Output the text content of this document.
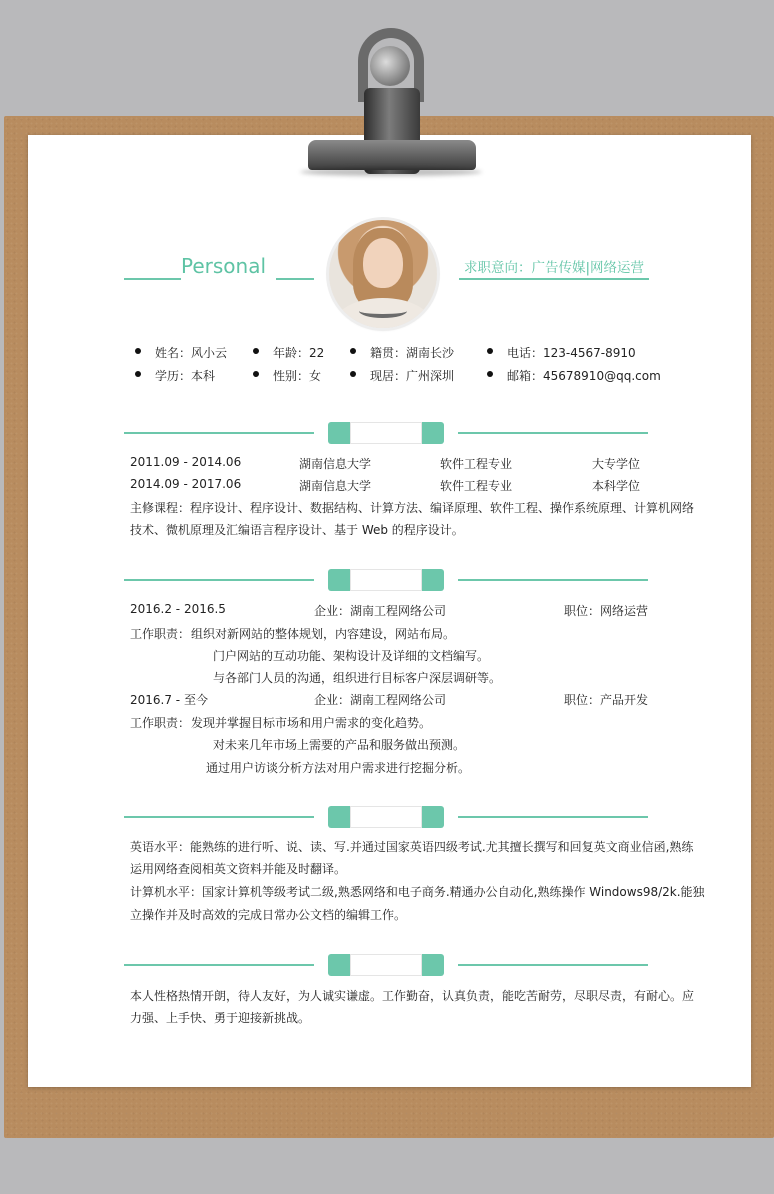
Personal	求职意向：广告传媒|网络运营
姓名：风小云	年龄：22	籍贯：湖南长沙	电话：123-4567-8910
学历：本科	性别：女	现居：广州深圳	邮箱：45678910@qq.com
2011.09 - 2014.06	湖南信息大学	软件工程专业	大专学位
2014.09 - 2017.06	湖南信息大学	软件工程专业	本科学位
主修课程：程序设计、程序设计、数据结构、计算方法、编译原理、软件工程、操作系统原理、计算机网络
技术、微机原理及汇编语言程序设计、基于 Web 的程序设计。
2016.2 - 2016.5	企业：湖南工程网络公司	职位：网络运营
工作职责： 组织对新网站的整体规划，内容建设，网站布局。
门户网站的互动功能、架构设计及详细的文档编写。
与各部门人员的沟通，组织进行目标客户深层调研等。
2016.7 - 至今	企业：湖南工程网络公司	职位：产品开发
工作职责： 发现并掌握目标市场和用户需求的变化趋势。
对未来几年市场上需要的产品和服务做出预测。
通过用户访谈分析方法对用户需求进行挖掘分析。
英语水平：能熟练的进行听、说、读、写.并通过国家英语四级考试.尤其擅长撰写和回复英文商业信函,熟练
运用网络查阅相英文资料并能及时翻译。
计算机水平：国家计算机等级考试二级,熟悉网络和电子商务.精通办公自动化,熟练操作 Windows98/2k.能独
立操作并及时高效的完成日常办公文档的编辑工作。
本人性格热情开朗，待人友好，为人诚实谦虚。工作勤奋，认真负责，能吃苦耐劳，尽职尽责，有耐心。应
力强、上手快、勇于迎接新挑战。
